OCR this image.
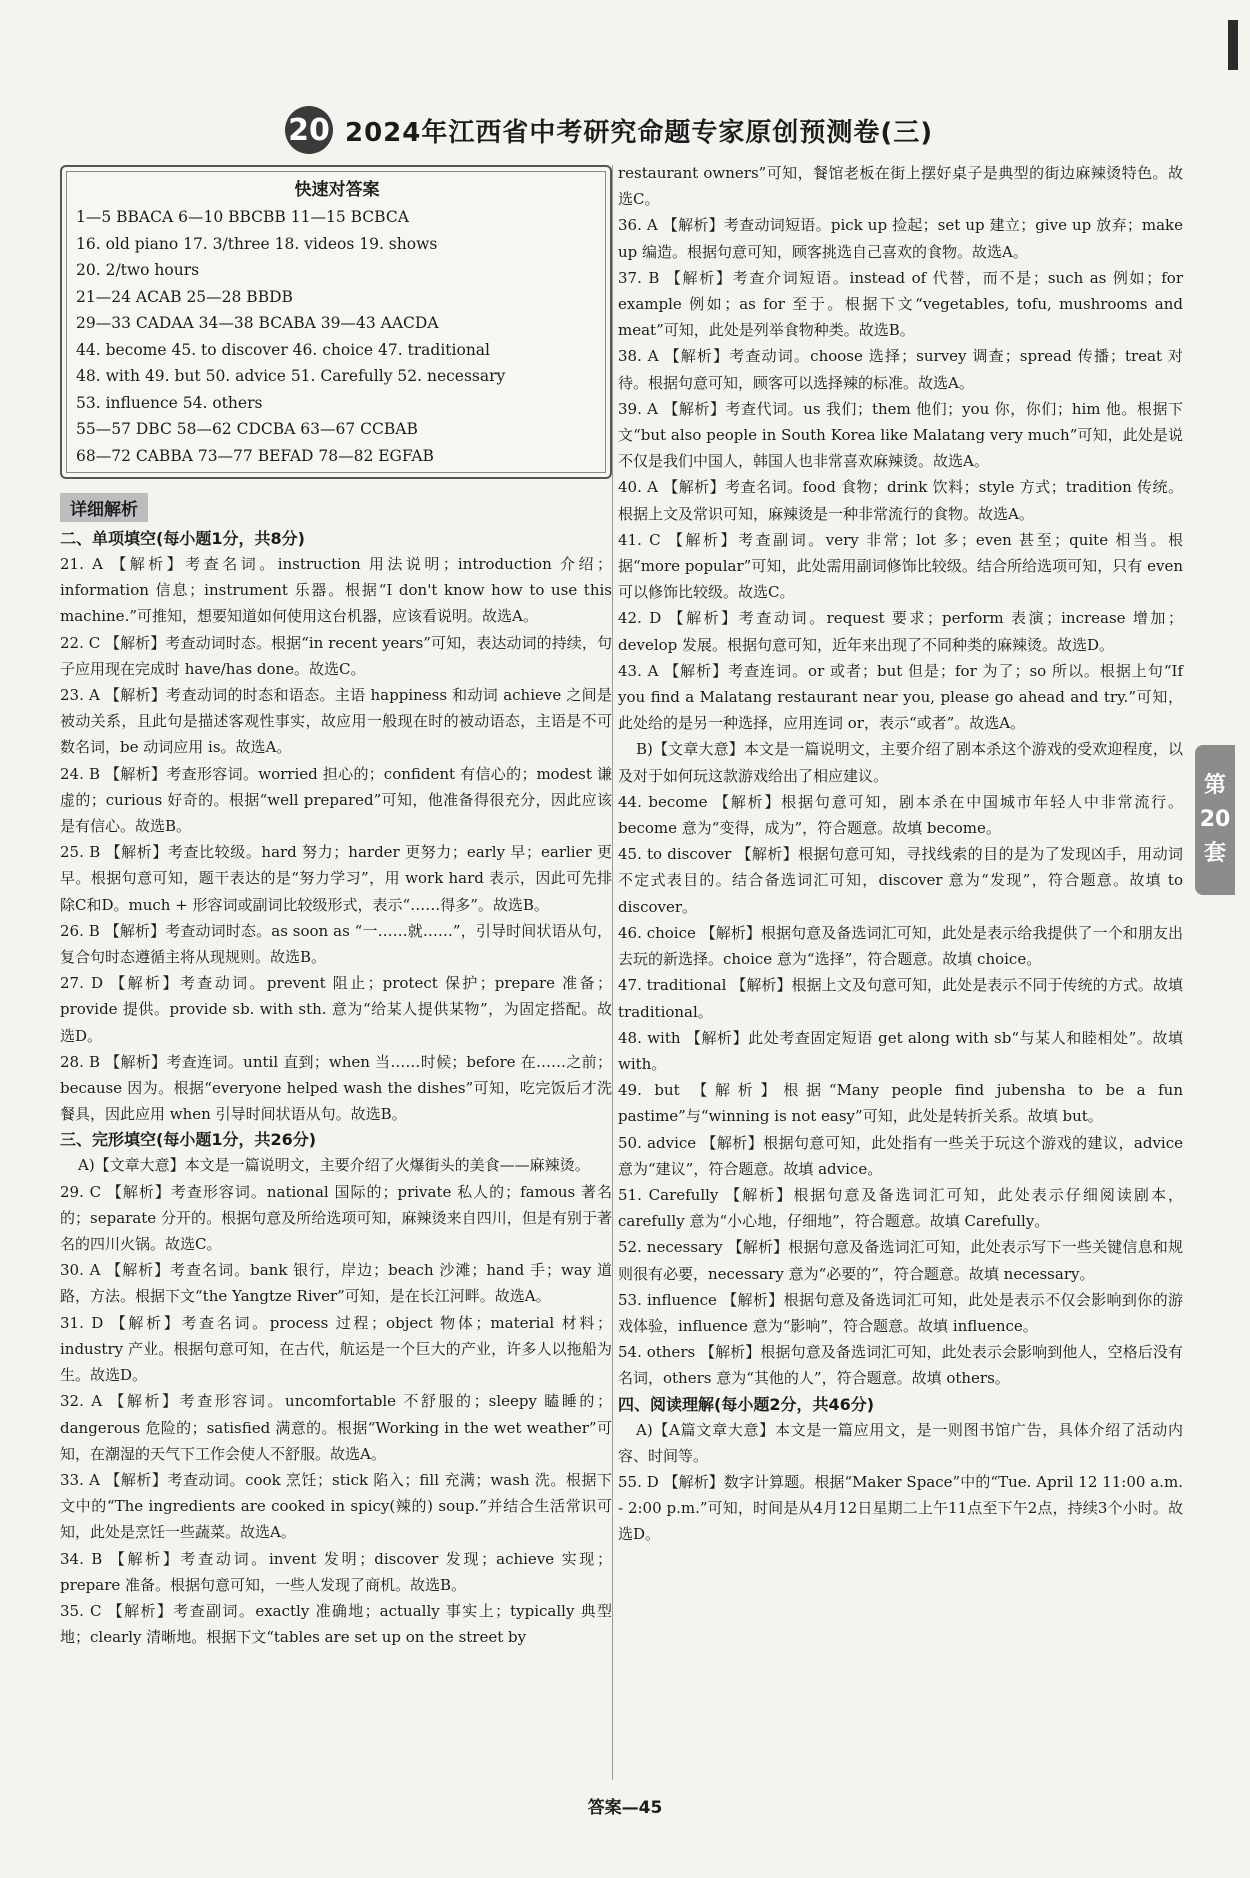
20 2024年江西省中考研究命题专家原创预测卷(三)
快速对答案
1—5 BBACA 6—10 BBCBB 11—15 BCBCA
16. old piano 17. 3/three 18. videos 19. shows
20. 2/two hours
21—24 ACAB 25—28 BBDB
29—33 CADAA 34—38 BCABA 39—43 AACDA
44. become 45. to discover 46. choice 47. traditional
48. with 49. but 50. advice 51. Carefully 52. necessary
53. influence 54. others
55—57 DBC 58—62 CDCBA 63—67 CCBAB
68—72 CABBA 73—77 BEFAD 78—82 EGFAB
详细解析
二、单项填空(每小题1分，共8分)
21. A 【解析】考查名词。instruction 用法说明；introduction 介绍；information 信息；instrument 乐器。根据“I don't know how to use this machine.”可推知，想要知道如何使用这台机器，应该看说明。故选A。
22. C 【解析】考查动词时态。根据“in recent years”可知，表达动词的持续，句子应用现在完成时 have/has done。故选C。
23. A 【解析】考查动词的时态和语态。主语 happiness 和动词 achieve 之间是被动关系，且此句是描述客观性事实，故应用一般现在时的被动语态，主语是不可数名词，be 动词应用 is。故选A。
24. B 【解析】考查形容词。worried 担心的；confident 有信心的；modest 谦虚的；curious 好奇的。根据“well prepared”可知，他准备得很充分，因此应该是有信心。故选B。
25. B 【解析】考查比较级。hard 努力；harder 更努力；early 早；earlier 更早。根据句意可知，题干表达的是“努力学习”，用 work hard 表示，因此可先排除C和D。much + 形容词或副词比较级形式，表示“……得多”。故选B。
26. B 【解析】考查动词时态。as soon as “一……就……”，引导时间状语从句，复合句时态遵循主将从现规则。故选B。
27. D 【解析】考查动词。prevent 阻止；protect 保护；prepare 准备；provide 提供。provide sb. with sth. 意为“给某人提供某物”，为固定搭配。故选D。
28. B 【解析】考查连词。until 直到；when 当……时候；before 在……之前；because 因为。根据“everyone helped wash the dishes”可知，吃完饭后才洗餐具，因此应用 when 引导时间状语从句。故选B。
三、完形填空(每小题1分，共26分)
A)【文章大意】本文是一篇说明文，主要介绍了火爆街头的美食——麻辣烫。
29. C 【解析】考查形容词。national 国际的；private 私人的；famous 著名的；separate 分开的。根据句意及所给选项可知，麻辣烫来自四川，但是有别于著名的四川火锅。故选C。
30. A 【解析】考查名词。bank 银行，岸边；beach 沙滩；hand 手；way 道路，方法。根据下文“the Yangtze River”可知，是在长江河畔。故选A。
31. D 【解析】考查名词。process 过程；object 物体；material 材料；industry 产业。根据句意可知，在古代，航运是一个巨大的产业，许多人以拖船为生。故选D。
32. A 【解析】考查形容词。uncomfortable 不舒服的；sleepy 瞌睡的；dangerous 危险的；satisfied 满意的。根据“Working in the wet weather”可知，在潮湿的天气下工作会使人不舒服。故选A。
33. A 【解析】考查动词。cook 烹饪；stick 陷入；fill 充满；wash 洗。根据下文中的“The ingredients are cooked in spicy(辣的) soup.”并结合生活常识可知，此处是烹饪一些蔬菜。故选A。
34. B 【解析】考查动词。invent 发明；discover 发现；achieve 实现；prepare 准备。根据句意可知，一些人发现了商机。故选B。
35. C 【解析】考查副词。exactly 准确地；actually 事实上；typically 典型地；clearly 清晰地。根据下文“tables are set up on the street by
restaurant owners”可知，餐馆老板在街上摆好桌子是典型的街边麻辣烫特色。故选C。
36. A 【解析】考查动词短语。pick up 捡起；set up 建立；give up 放弃；make up 编造。根据句意可知，顾客挑选自己喜欢的食物。故选A。
37. B 【解析】考查介词短语。instead of 代替，而不是；such as 例如；for example 例如；as for 至于。根据下文“vegetables, tofu, mushrooms and meat”可知，此处是列举食物种类。故选B。
38. A 【解析】考查动词。choose 选择；survey 调查；spread 传播；treat 对待。根据句意可知，顾客可以选择辣的标准。故选A。
39. A 【解析】考查代词。us 我们；them 他们；you 你，你们；him 他。根据下文“but also people in South Korea like Malatang very much”可知，此处是说不仅是我们中国人，韩国人也非常喜欢麻辣烫。故选A。
40. A 【解析】考查名词。food 食物；drink 饮料；style 方式；tradition 传统。根据上文及常识可知，麻辣烫是一种非常流行的食物。故选A。
41. C 【解析】考查副词。very 非常；lot 多；even 甚至；quite 相当。根据“more popular”可知，此处需用副词修饰比较级。结合所给选项可知，只有 even 可以修饰比较级。故选C。
42. D 【解析】考查动词。request 要求；perform 表演；increase 增加；develop 发展。根据句意可知，近年来出现了不同种类的麻辣烫。故选D。
43. A 【解析】考查连词。or 或者；but 但是；for 为了；so 所以。根据上句“If you find a Malatang restaurant near you, please go ahead and try.”可知，此处给的是另一种选择，应用连词 or，表示“或者”。故选A。
B)【文章大意】本文是一篇说明文，主要介绍了剧本杀这个游戏的受欢迎程度，以及对于如何玩这款游戏给出了相应建议。
44. become 【解析】根据句意可知，剧本杀在中国城市年轻人中非常流行。become 意为“变得，成为”，符合题意。故填 become。
45. to discover 【解析】根据句意可知，寻找线索的目的是为了发现凶手，用动词不定式表目的。结合备选词汇可知，discover 意为“发现”，符合题意。故填 to discover。
46. choice 【解析】根据句意及备选词汇可知，此处是表示给我提供了一个和朋友出去玩的新选择。choice 意为“选择”，符合题意。故填 choice。
47. traditional 【解析】根据上文及句意可知，此处是表示不同于传统的方式。故填 traditional。
48. with 【解析】此处考查固定短语 get along with sb“与某人和睦相处”。故填 with。
49. but 【解析】根据“Many people find jubensha to be a fun pastime”与“winning is not easy”可知，此处是转折关系。故填 but。
50. advice 【解析】根据句意可知，此处指有一些关于玩这个游戏的建议，advice 意为“建议”，符合题意。故填 advice。
51. Carefully 【解析】根据句意及备选词汇可知，此处表示仔细阅读剧本，carefully 意为“小心地，仔细地”，符合题意。故填 Carefully。
52. necessary 【解析】根据句意及备选词汇可知，此处表示写下一些关键信息和规则很有必要，necessary 意为“必要的”，符合题意。故填 necessary。
53. influence 【解析】根据句意及备选词汇可知，此处是表示不仅会影响到你的游戏体验，influence 意为“影响”，符合题意。故填 influence。
54. others 【解析】根据句意及备选词汇可知，此处表示会影响到他人，空格后没有名词，others 意为“其他的人”，符合题意。故填 others。
四、阅读理解(每小题2分，共46分)
A)【A篇文章大意】本文是一篇应用文，是一则图书馆广告，具体介绍了活动内容、时间等。
55. D 【解析】数字计算题。根据“Maker Space”中的“Tue. April 12 11:00 a.m. - 2:00 p.m.”可知，时间是从4月12日星期二上午11点至下午2点，持续3个小时。故选D。
第
20
套
答案—45
